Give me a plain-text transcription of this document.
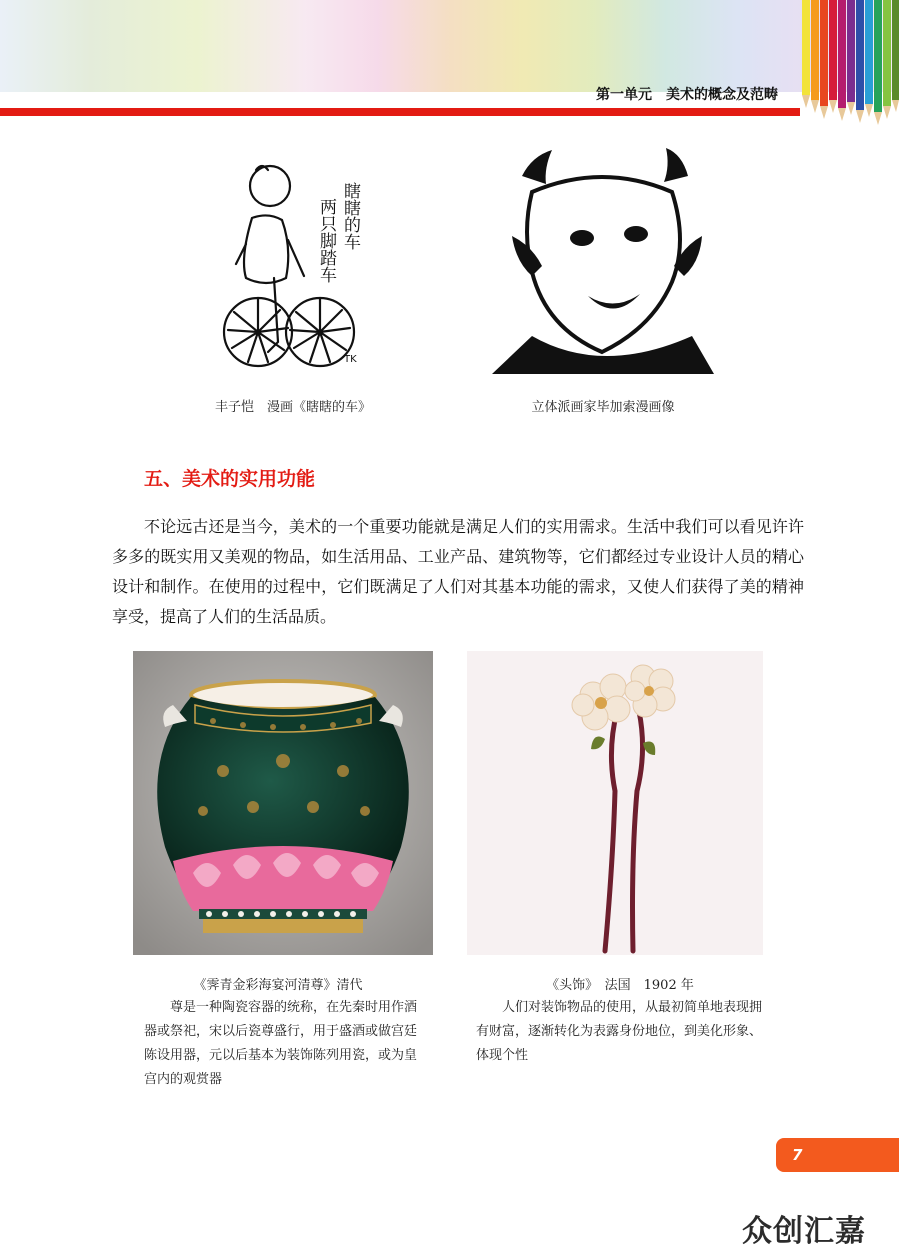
第一单元　美术的概念及范畴
瞎瞎的车
两只脚踏车
TK
丰子恺　漫画《瞎瞎的车》	立体派画家毕加索漫画像
五、美术的实用功能
不论远古还是当今，美术的一个重要功能就是满足人们的实用需求。生活中我们可以看见许许多多的既实用又美观的物品，如生活用品、工业产品、建筑物等，它们都经过专业设计人员的精心设计和制作。在使用的过程中，它们既满足了人们对其基本功能的需求，又使人们获得了美的精神享受，提高了人们的生活品质。
《霁青金彩海宴河清尊》清代	《头饰》　法国　1902 年
尊是一种陶瓷容器的统称，在先秦时用作酒器或祭祀，宋以后瓷尊盛行，用于盛酒或做宫廷陈设用器，元以后基本为装饰陈列用瓷，或为皇宫内的观赏器
人们对装饰物品的使用，从最初简单地表现拥有财富，逐渐转化为表露身份地位，到美化形象、体现个性
7
众创汇嘉
